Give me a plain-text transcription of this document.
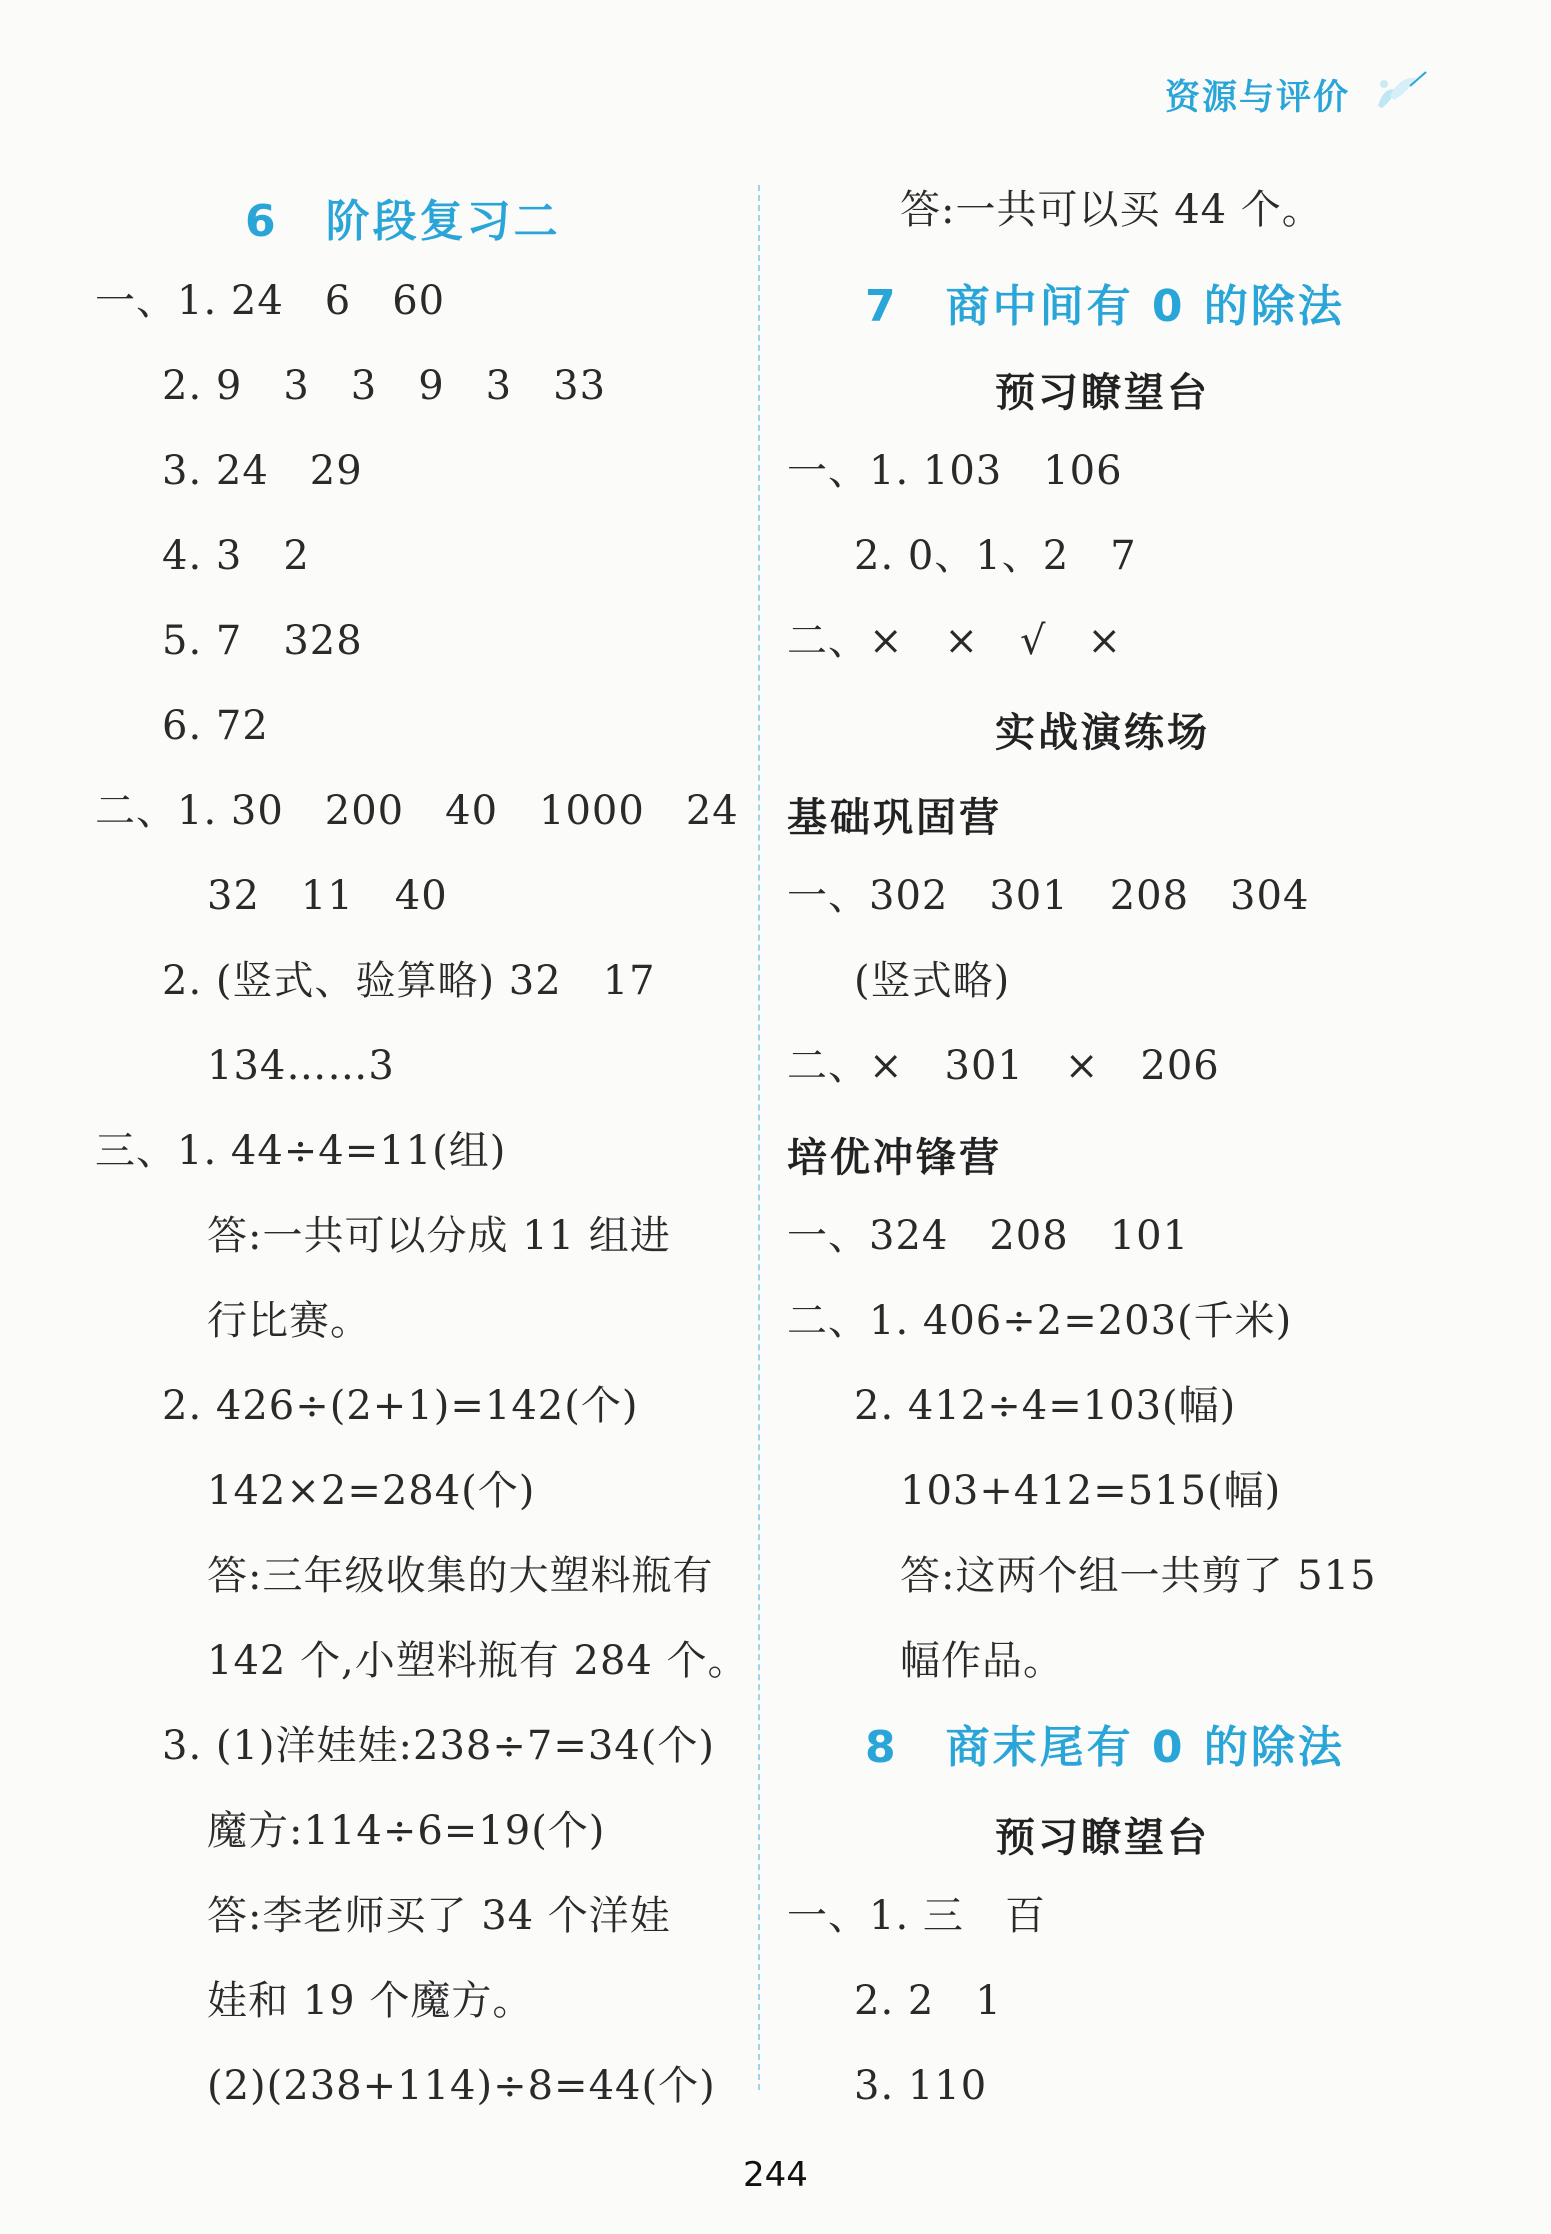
资源与评价
6　阶段复习二
一、1. 24　6　60
2. 9　3　3　9　3　33
3. 24　29
4. 3　2
5. 7　328
6. 72
二、1. 30　200　40　1000　24
32　11　40
2. (竖式、验算略) 32　17
134……3
三、1. 44÷4=11(组)
答:一共可以分成 11 组进
行比赛。
2. 426÷(2+1)=142(个)
142×2=284(个)
答:三年级收集的大塑料瓶有
142 个,小塑料瓶有 284 个。
3. (1)洋娃娃:238÷7=34(个)
魔方:114÷6=19(个)
答:李老师买了 34 个洋娃
娃和 19 个魔方。
(2)(238+114)÷8=44(个)
答:一共可以买 44 个。
7　商中间有 0 的除法
预习瞭望台
一、1. 103　106
2. 0、1、2　7
二、×　×　√　×
实战演练场
基础巩固营
一、302　301　208　304
(竖式略)
二、×　301　×　206
培优冲锋营
一、324　208　101
二、1. 406÷2=203(千米)
2. 412÷4=103(幅)
103+412=515(幅)
答:这两个组一共剪了 515
幅作品。
8　商末尾有 0 的除法
预习瞭望台
一、1. 三　百
2. 2　1
3. 110
244
